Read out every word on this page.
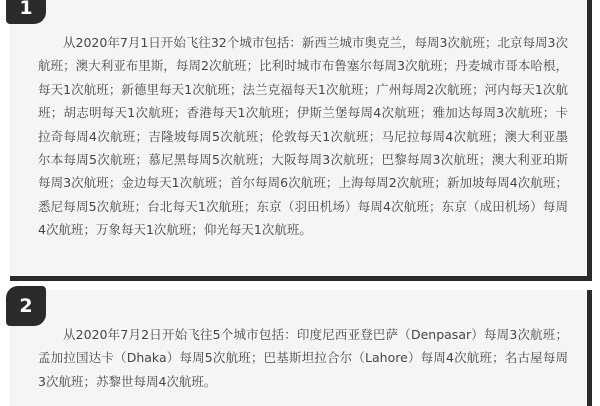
1

从2020年7月1日开始飞往32个城市包括：新西兰城市奥克兰，每周3次航班；北京每周3次航班；澳大利亚布里斯，每周2次航班；比利时城市布鲁塞尔每周3次航班；丹麦城市哥本哈根，每天1次航班；新德里每天1次航班；法兰克福每天1次航班；广州每周2次航班；河内每天1次航班；胡志明每天1次航班；香港每天1次航班；伊斯兰堡每周4次航班；雅加达每周3次航班；卡拉奇每周4次航班；吉隆坡每周5次航班；伦敦每天1次航班；马尼拉每周4次航班；澳大利亚墨尔本每周5次航班；慕尼黑每周5次航班；大阪每周3次航班；巴黎每周3次航班；澳大利亚珀斯每周3次航班；金边每天1次航班；首尔每周6次航班；上海每周2次航班；新加坡每周4次航班；悉尼每周5次航班；台北每天1次航班；东京（羽田机场）每周4次航班；东京（成田机场）每周4次航班；万象每天1次航班；仰光每天1次航班。

2

从2020年7月2日开始飞往5个城市包括：印度尼西亚登巴萨（Denpasar）每周3次航班；孟加拉国达卡（Dhaka）每周5次航班；巴基斯坦拉合尔（Lahore）每周4次航班；名古屋每周3次航班；苏黎世每周4次航班。
